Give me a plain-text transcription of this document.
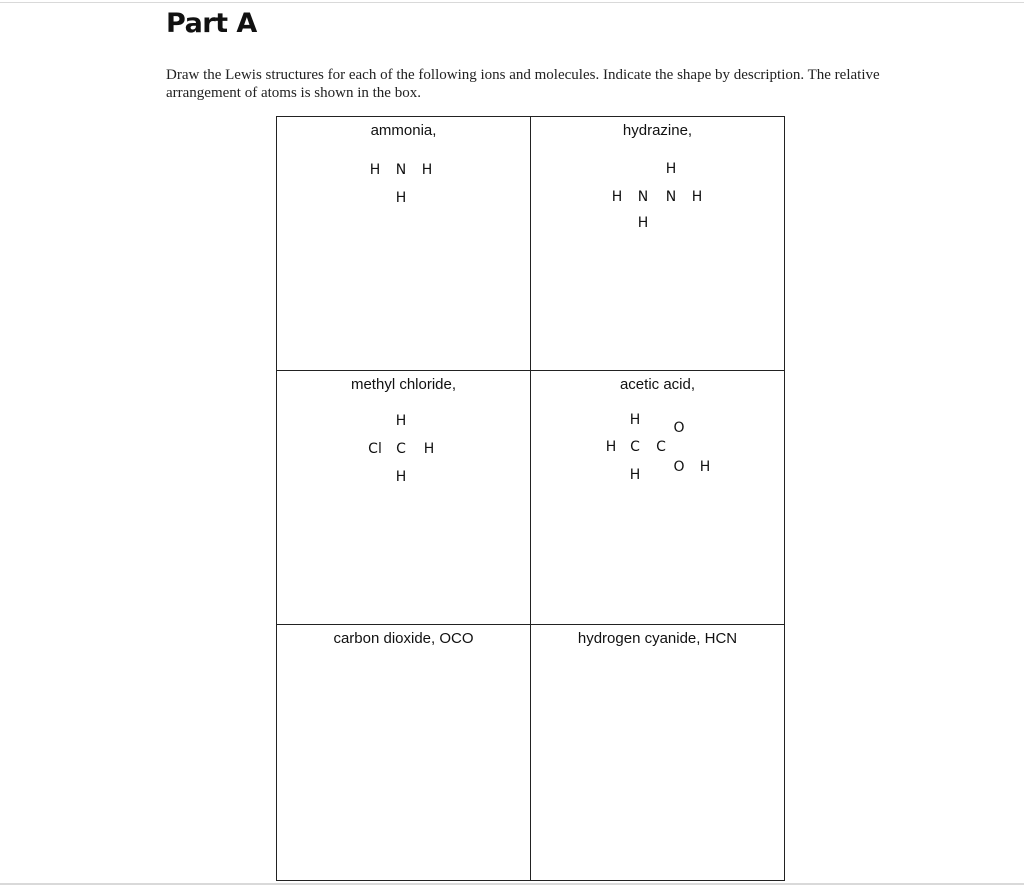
Part A

Draw the Lewis structures for each of the following ions and molecules. Indicate the shape by description. The relative arrangement of atoms is shown in the box.

ammonia,
H N H
H
hydrazine,
H
H N N H
H
methyl chloride,
H
Cl C H
H
acetic acid,
H O
H C C
H O H
carbon dioxide, OCO	hydrogen cyanide, HCN
